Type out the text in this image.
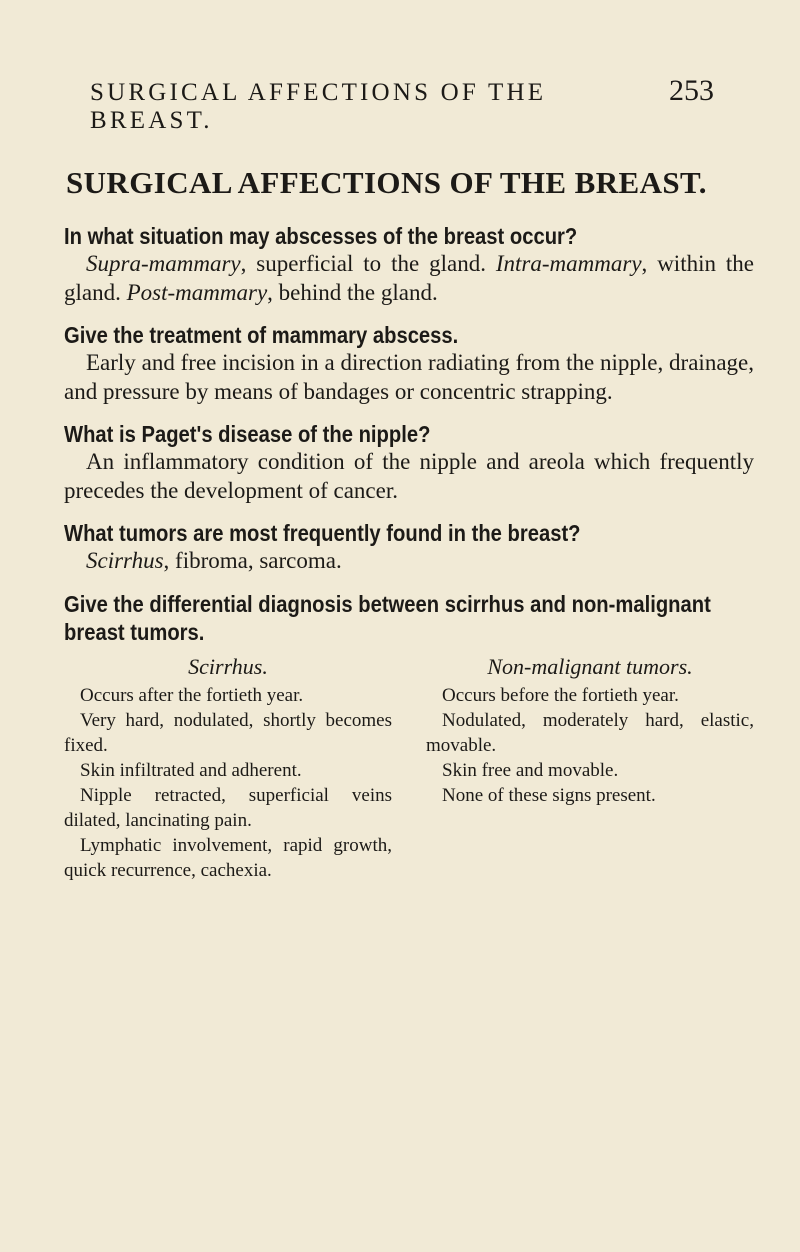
SURGICAL AFFECTIONS OF THE BREAST.
253
SURGICAL AFFECTIONS OF THE BREAST.
In what situation may abscesses of the breast occur?

Supra-mammary, superficial to the gland. Intra-mammary, within the gland. Post-mammary, behind the gland.

Give the treatment of mammary abscess.

Early and free incision in a direction radiating from the nipple, drainage, and pressure by means of bandages or concentric strapping.

What is Paget's disease of the nipple?

An inflammatory condition of the nipple and areola which frequently precedes the development of cancer.

What tumors are most frequently found in the breast?

Scirrhus, fibroma, sarcoma.

Give the differential diagnosis between scirrhus and non-malignant breast tumors.
Scirrhus.

Occurs after the fortieth year.

Very hard, nodulated, shortly becomes fixed.

Skin infiltrated and adherent.

Nipple retracted, superficial veins dilated, lancinating pain.

Lymphatic involvement, rapid growth, quick recurrence, cachexia.

Non-malignant tumors.

Occurs before the fortieth year.

Nodulated, moderately hard, elastic, movable.

Skin free and movable.

None of these signs present.
